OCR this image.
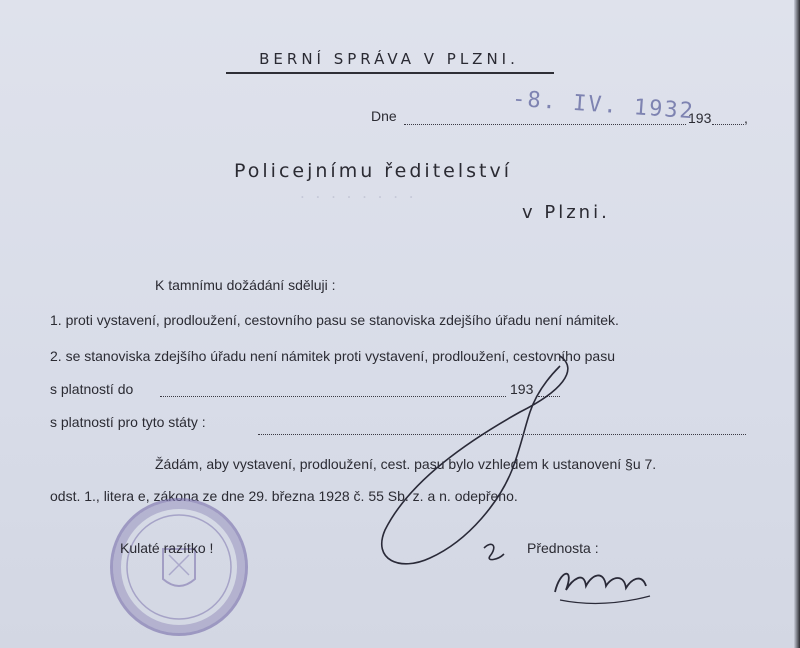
· · · · · · · ·
BERNÍ SPRÁVA V PLZNI.
Dne	-8. IV. 1932
193 ,
Policejnímu ředitelství
v Plzni.
K tamnímu dožádání sděluji :
1. proti vystavení, prodloužení, cestovního pasu se stanoviska zdejšího úřadu není námitek.
2. se stanoviska zdejšího úřadu není námitek proti vystavení, prodloužení, cestovního pasu
s platností do	193
s platností pro tyto státy :
Žádám, aby vystavení, prodloužení, cest. pasu bylo vzhledem k ustanovení §u 7.
odst. 1., litera e, zákona ze dne 29. března 1928 č. 55 Sb. z. a n. odepřeno.
Kulaté razítko !	Přednosta :
